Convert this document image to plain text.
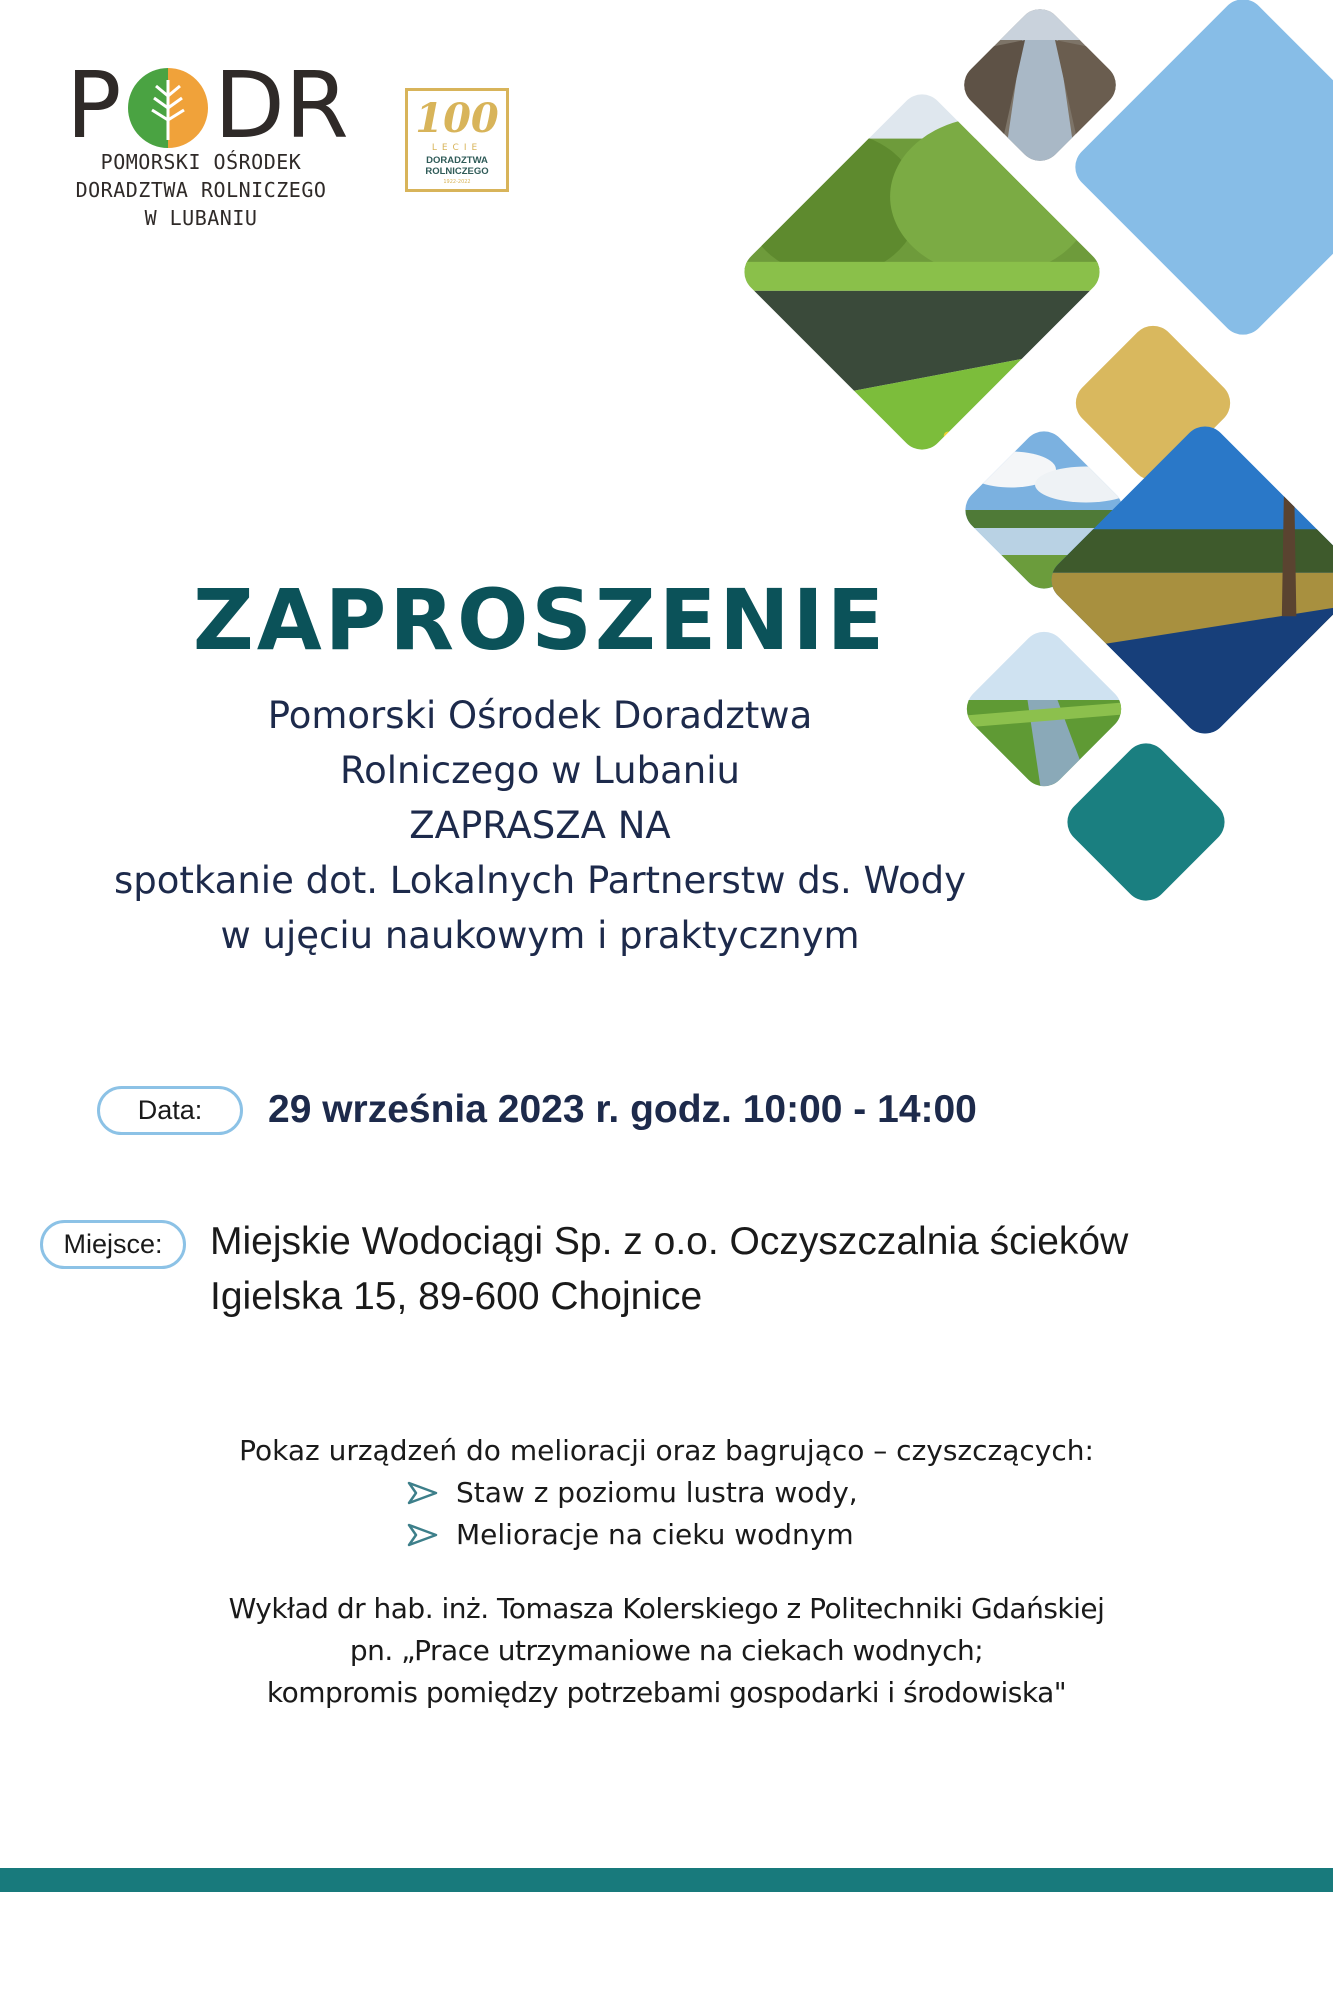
P DR
POMORSKI OŚRODEK
DORADZTWA ROLNICZEGO
W LUBANIU
100
LECIE
DORADZTWA
ROLNICZEGO
1922-2022
ZAPROSZENIE
Pomorski Ośrodek Doradztwa
Rolniczego w Lubaniu
ZAPRASZA NA
spotkanie dot. Lokalnych Partnerstw ds. Wody
w ujęciu naukowym i praktycznym
Data:	29 września 2023 r. godz. 10:00 - 14:00
Miejsce:	Miejskie Wodociągi Sp. z o.o. Oczyszczalnia ścieków
Igielska 15, 89-600 Chojnice
Pokaz urządzeń do melioracji oraz bagrująco – czyszczących:
Staw z poziomu lustra wody,
Melioracje na cieku wodnym
Wykład dr hab. inż. Tomasza Kolerskiego z Politechniki Gdańskiej
pn. „Prace utrzymaniowe na ciekach wodnych;
kompromis pomiędzy potrzebami gospodarki i środowiska"
